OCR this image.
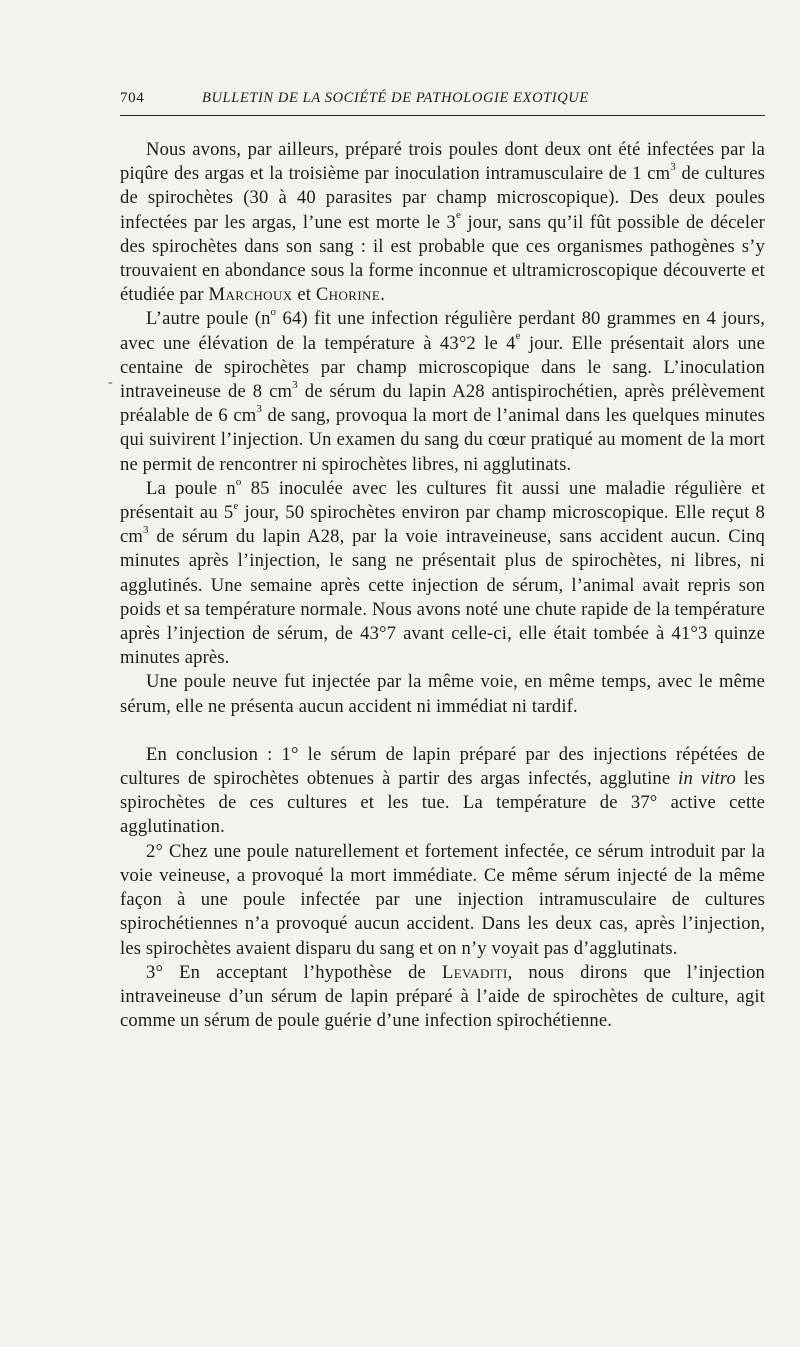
704	BULLETIN DE LA SOCIÉTÉ DE PATHOLOGIE EXOTIQUE

Nous avons, par ailleurs, préparé trois poules dont deux ont été infectées par la piqûre des argas et la troisième par inoculation intramusculaire de 1 $cm^3$ de cultures de spirochètes (30 à 40 parasites par champ microscopique). Des deux poules infectées par les argas, l’une est morte le 3e jour, sans qu’il fût possible de déceler des spirochètes dans son sang : il est probable que ces organismes pathogènes s’y trouvaient en abondance sous la forme inconnue et ultramicroscopique découverte et étudiée par Marchoux et Chorine.

L’autre poule ($n^o$ 64) fit une infection régulière perdant 80 grammes en 4 jours, avec une élévation de la température à 43°2 le 4e jour. Elle présentait alors une centaine de spirochètes par champ microscopique dans le sang. L’inoculation intraveineuse de 8 $cm^3$ de sérum du lapin A28 antispirochétien, après prélèvement préalable de 6 $cm^3$ de sang, provoqua la mort de l’animal dans les quelques minutes qui suivirent l’injection. Un examen du sang du cœur pratiqué au moment de la mort ne permit de rencontrer ni spirochètes libres, ni agglutinats.

La poule $n^o$ 85 inoculée avec les cultures fit aussi une maladie régulière et présentait au 5e jour, 50 spirochètes environ par champ microscopique. Elle reçut 8 $cm^3$ de sérum du lapin A28, par la voie intraveineuse, sans accident aucun. Cinq minutes après l’injection, le sang ne présentait plus de spirochètes, ni libres, ni agglutinés. Une semaine après cette injection de sérum, l’animal avait repris son poids et sa température normale. Nous avons noté une chute rapide de la température après l’injection de sérum, de 43°7 avant celle-ci, elle était tombée à 41°3 quinze minutes après.

Une poule neuve fut injectée par la même voie, en même temps, avec le même sérum, elle ne présenta aucun accident ni immédiat ni tardif.

En conclusion : 1° le sérum de lapin préparé par des injections répétées de cultures de spirochètes obtenues à partir des argas infectés, agglutine in vitro les spirochètes de ces cultures et les tue. La température de 37° active cette agglutination.

2° Chez une poule naturellement et fortement infectée, ce sérum introduit par la voie veineuse, a provoqué la mort immédiate. Ce même sérum injecté de la même façon à une poule infectée par une injection intramusculaire de cultures spirochétiennes n’a provoqué aucun accident. Dans les deux cas, après l’injection, les spirochètes avaient disparu du sang et on n’y voyait pas d’agglutinats.

3° En acceptant l’hypothèse de Levaditi, nous dirons que l’injection intraveineuse d’un sérum de lapin préparé à l’aide de spirochètes de culture, agit comme un sérum de poule guérie d’une infection spirochétienne.

-
